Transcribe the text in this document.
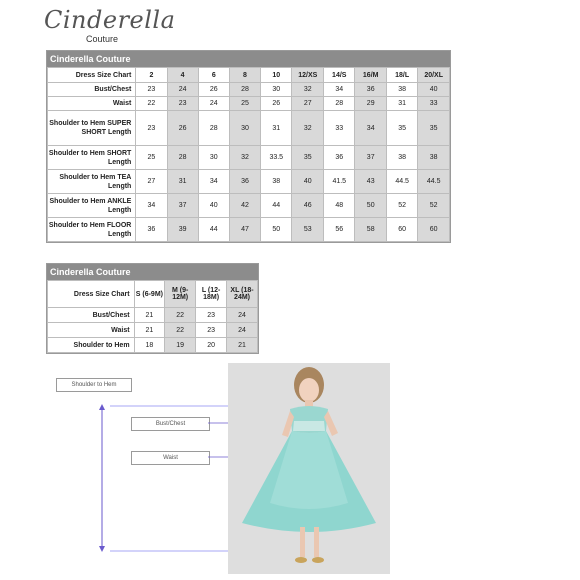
Cinderella
Couture
Cinderella Couture
Dress Size Chart	2	4	6	8	10	12/XS	14/S	16/M	18/L	20/XL
Bust/Chest	23	24	26	28	30	32	34	36	38	40
Waist	22	23	24	25	26	27	28	29	31	33
Shoulder to Hem SUPER SHORT Length	23	26	28	30	31	32	33	34	35	35
Shoulder to Hem SHORT Length	25	28	30	32	33.5	35	36	37	38	38
Shoulder to Hem TEA Length	27	31	34	36	38	40	41.5	43	44.5	44.5
Shoulder to Hem ANKLE Length	34	37	40	42	44	46	48	50	52	52
Shoulder to Hem FLOOR Length	36	39	44	47	50	53	56	58	60	60
Cinderella Couture
Dress Size Chart	S (6-9M)	M (9-12M)	L (12-18M)	XL (18-24M)
Bust/Chest	21	22	23	24
Waist	21	22	23	24
Shoulder to Hem	18	19	20	21
Shoulder to Hem
Bust/Chest
Waist
